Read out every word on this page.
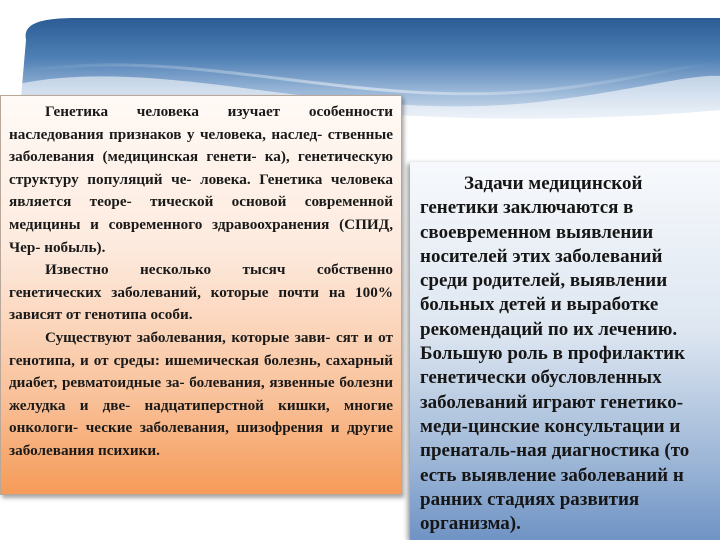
Генетика человека изучает особенности наследования признаков у человека, наслед- ственные заболевания (медицинская генети- ка), генетическую структуру популяций че- ловека. Генетика человека является теоре- тической основой современной медицины и современного здравоохранения (СПИД, Чер- нобыль).

Известно несколько тысяч собственно генетических заболеваний, которые почти на 100% зависят от генотипа особи.

Существуют заболевания, которые зави- сят и от генотипа, и от среды: ишемическая болезнь, сахарный диабет, ревматоидные за- болевания, язвенные болезни желудка и две- надцатиперстной кишки, многие онкологи- ческие заболевания, шизофрения и другие заболевания психики.

Задачи медицинской
генетики заключаются в
своевременном выявлении
носителей этих заболеваний
среди родителей, выявлении
больных детей и выработке
рекомендаций по их лечению.
Большую роль в профилактик
генетически обусловленных
заболеваний играют генетико-
меди-цинские консультации и
пренаталь-ная диагностика (то
есть выявление заболеваний н
ранних стадиях развития
организма).
